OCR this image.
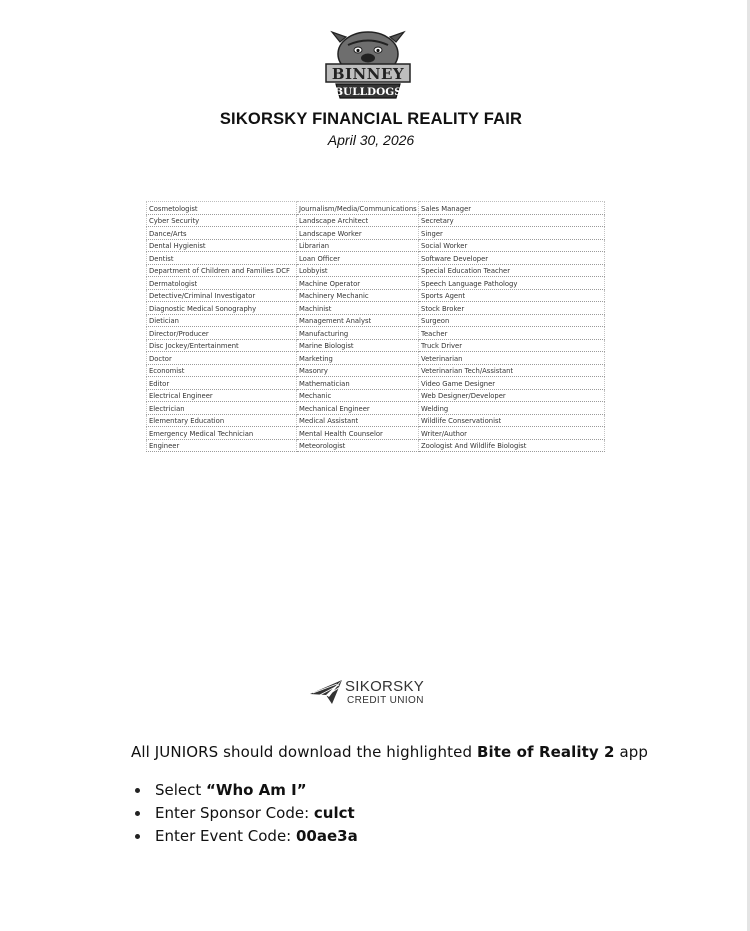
BINNEY
BULLDOGS
SIKORSKY FINANCIAL REALITY FAIR
April 30, 2026
Cosmetologist	Journalism/Media/Communications	Sales Manager
Cyber Security	Landscape Architect	Secretary
Dance/Arts	Landscape Worker	Singer
Dental Hygienist	Librarian	Social Worker
Dentist	Loan Officer	Software Developer
Department of Children and Families DCF	Lobbyist	Special Education Teacher
Dermatologist	Machine Operator	Speech Language Pathology
Detective/Criminal Investigator	Machinery Mechanic	Sports Agent
Diagnostic Medical Sonography	Machinist	Stock Broker
Dietician	Management Analyst	Surgeon
Director/Producer	Manufacturing	Teacher
Disc Jockey/Entertainment	Marine Biologist	Truck Driver
Doctor	Marketing	Veterinarian
Economist	Masonry	Veterinarian Tech/Assistant
Editor	Mathematician	Video Game Designer
Electrical Engineer	Mechanic	Web Designer/Developer
Electrician	Mechanical Engineer	Welding
Elementary Education	Medical Assistant	Wildlife Conservationist
Emergency Medical Technician	Mental Health Counselor	Writer/Author
Engineer	Meteorologist	Zoologist And Wildlife Biologist
SIKORSKY
CREDIT UNION
All JUNIORS should download the highlighted Bite of Reality 2 app
Select “Who Am I”
Enter Sponsor Code: culct
Enter Event Code: 00ae3a
